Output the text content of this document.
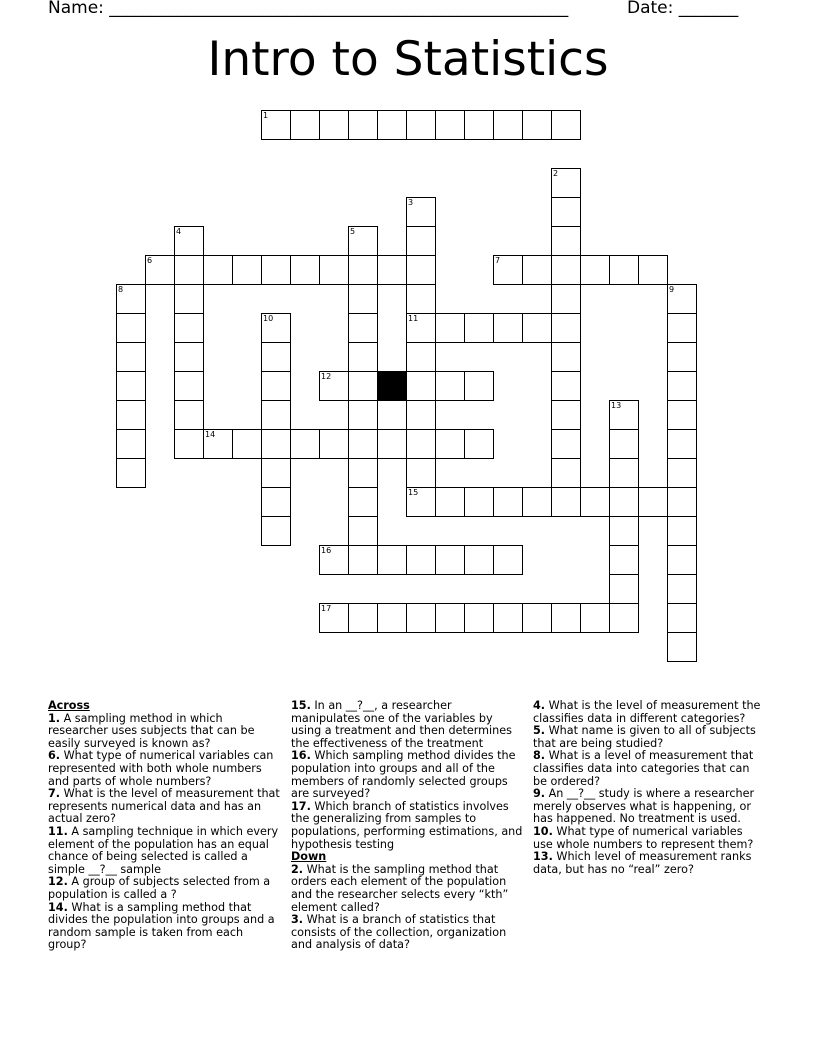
Name: ______________________________________________________	Date: _______
Intro to Statistics
1
2
3
11
15
4	5
6	7
8	9
10
12
13
14
16
17
Across
1. A sampling method in which researcher uses subjects that can be easily surveyed is known as?
6. What type of numerical variables can represented with both whole numbers and parts of whole numbers?
7. What is the level of measurement that represents numerical data and has an actual zero?
11. A sampling technique in which every element of the population has an equal chance of being selected is called a simple __?__ sample
12. A group of subjects selected from a population is called a ?
14. What is a sampling method that divides the population into groups and a random sample is taken from each group?
15. In an __?__, a researcher manipulates one of the variables by using a treatment and then determines the effectiveness of the treatment
16. Which sampling method divides the population into groups and all of the members of randomly selected groups are surveyed?
17. Which branch of statistics involves the generalizing from samples to populations, performing estimations, and hypothesis testing
Down
2. What is the sampling method that orders each element of the population and the researcher selects every “kth” element called?
3. What is a branch of statistics that consists of the collection, organization and analysis of data?
4. What is the level of measurement the classifies data in different categories?
5. What name is given to all of subjects that are being studied?
8. What is a level of measurement that classifies data into categories that can be ordered?
9. An __?__ study is where a researcher merely observes what is happening, or has happened. No treatment is used.
10. What type of numerical variables use whole numbers to represent them?
13. Which level of measurement ranks data, but has no “real” zero?
